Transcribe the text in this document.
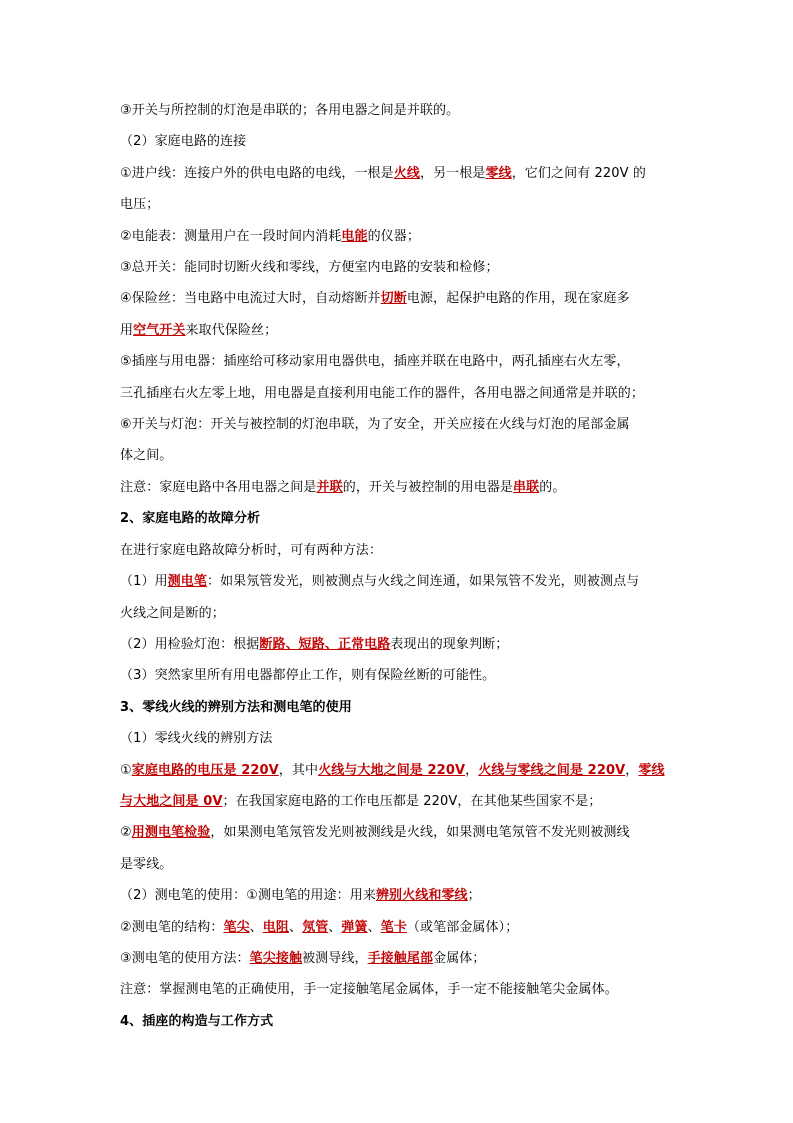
③开关与所控制的灯泡是串联的；各用电器之间是并联的。
（2）家庭电路的连接
①进户线：连接户外的供电电路的电线，一根是火线，另一根是零线，它们之间有 220V 的
电压；
②电能表：测量用户在一段时间内消耗电能的仪器；
③总开关：能同时切断火线和零线，方便室内电路的安装和检修；
④保险丝：当电路中电流过大时，自动熔断并切断电源，起保护电路的作用，现在家庭多
用空气开关来取代保险丝；
⑤插座与用电器：插座给可移动家用电器供电，插座并联在电路中，两孔插座右火左零，
三孔插座右火左零上地，用电器是直接利用电能工作的器件，各用电器之间通常是并联的；
⑥开关与灯泡：开关与被控制的灯泡串联，为了安全，开关应接在火线与灯泡的尾部金属
体之间。
注意：家庭电路中各用电器之间是并联的，开关与被控制的用电器是串联的。
2、家庭电路的故障分析
在进行家庭电路故障分析时，可有两种方法：
（1）用测电笔：如果氖管发光，则被测点与火线之间连通，如果氖管不发光，则被测点与
火线之间是断的；
（2）用检验灯泡：根据断路、短路、正常电路表现出的现象判断；
（3）突然家里所有用电器都停止工作，则有保险丝断的可能性。
3、零线火线的辨别方法和测电笔的使用
（1）零线火线的辨别方法
①家庭电路的电压是 220V，其中火线与大地之间是 220V，火线与零线之间是 220V，零线
与大地之间是 0V；在我国家庭电路的工作电压都是 220V，在其他某些国家不是；
②用测电笔检验，如果测电笔氖管发光则被测线是火线，如果测电笔氖管不发光则被测线
是零线。
（2）测电笔的使用：①测电笔的用途：用来辨别火线和零线；
②测电笔的结构：笔尖、电阻、氖管、弹簧、笔卡（或笔部金属体）；
③测电笔的使用方法：笔尖接触被测导线，手接触尾部金属体；
注意：掌握测电笔的正确使用，手一定接触笔尾金属体，手一定不能接触笔尖金属体。
4、插座的构造与工作方式
